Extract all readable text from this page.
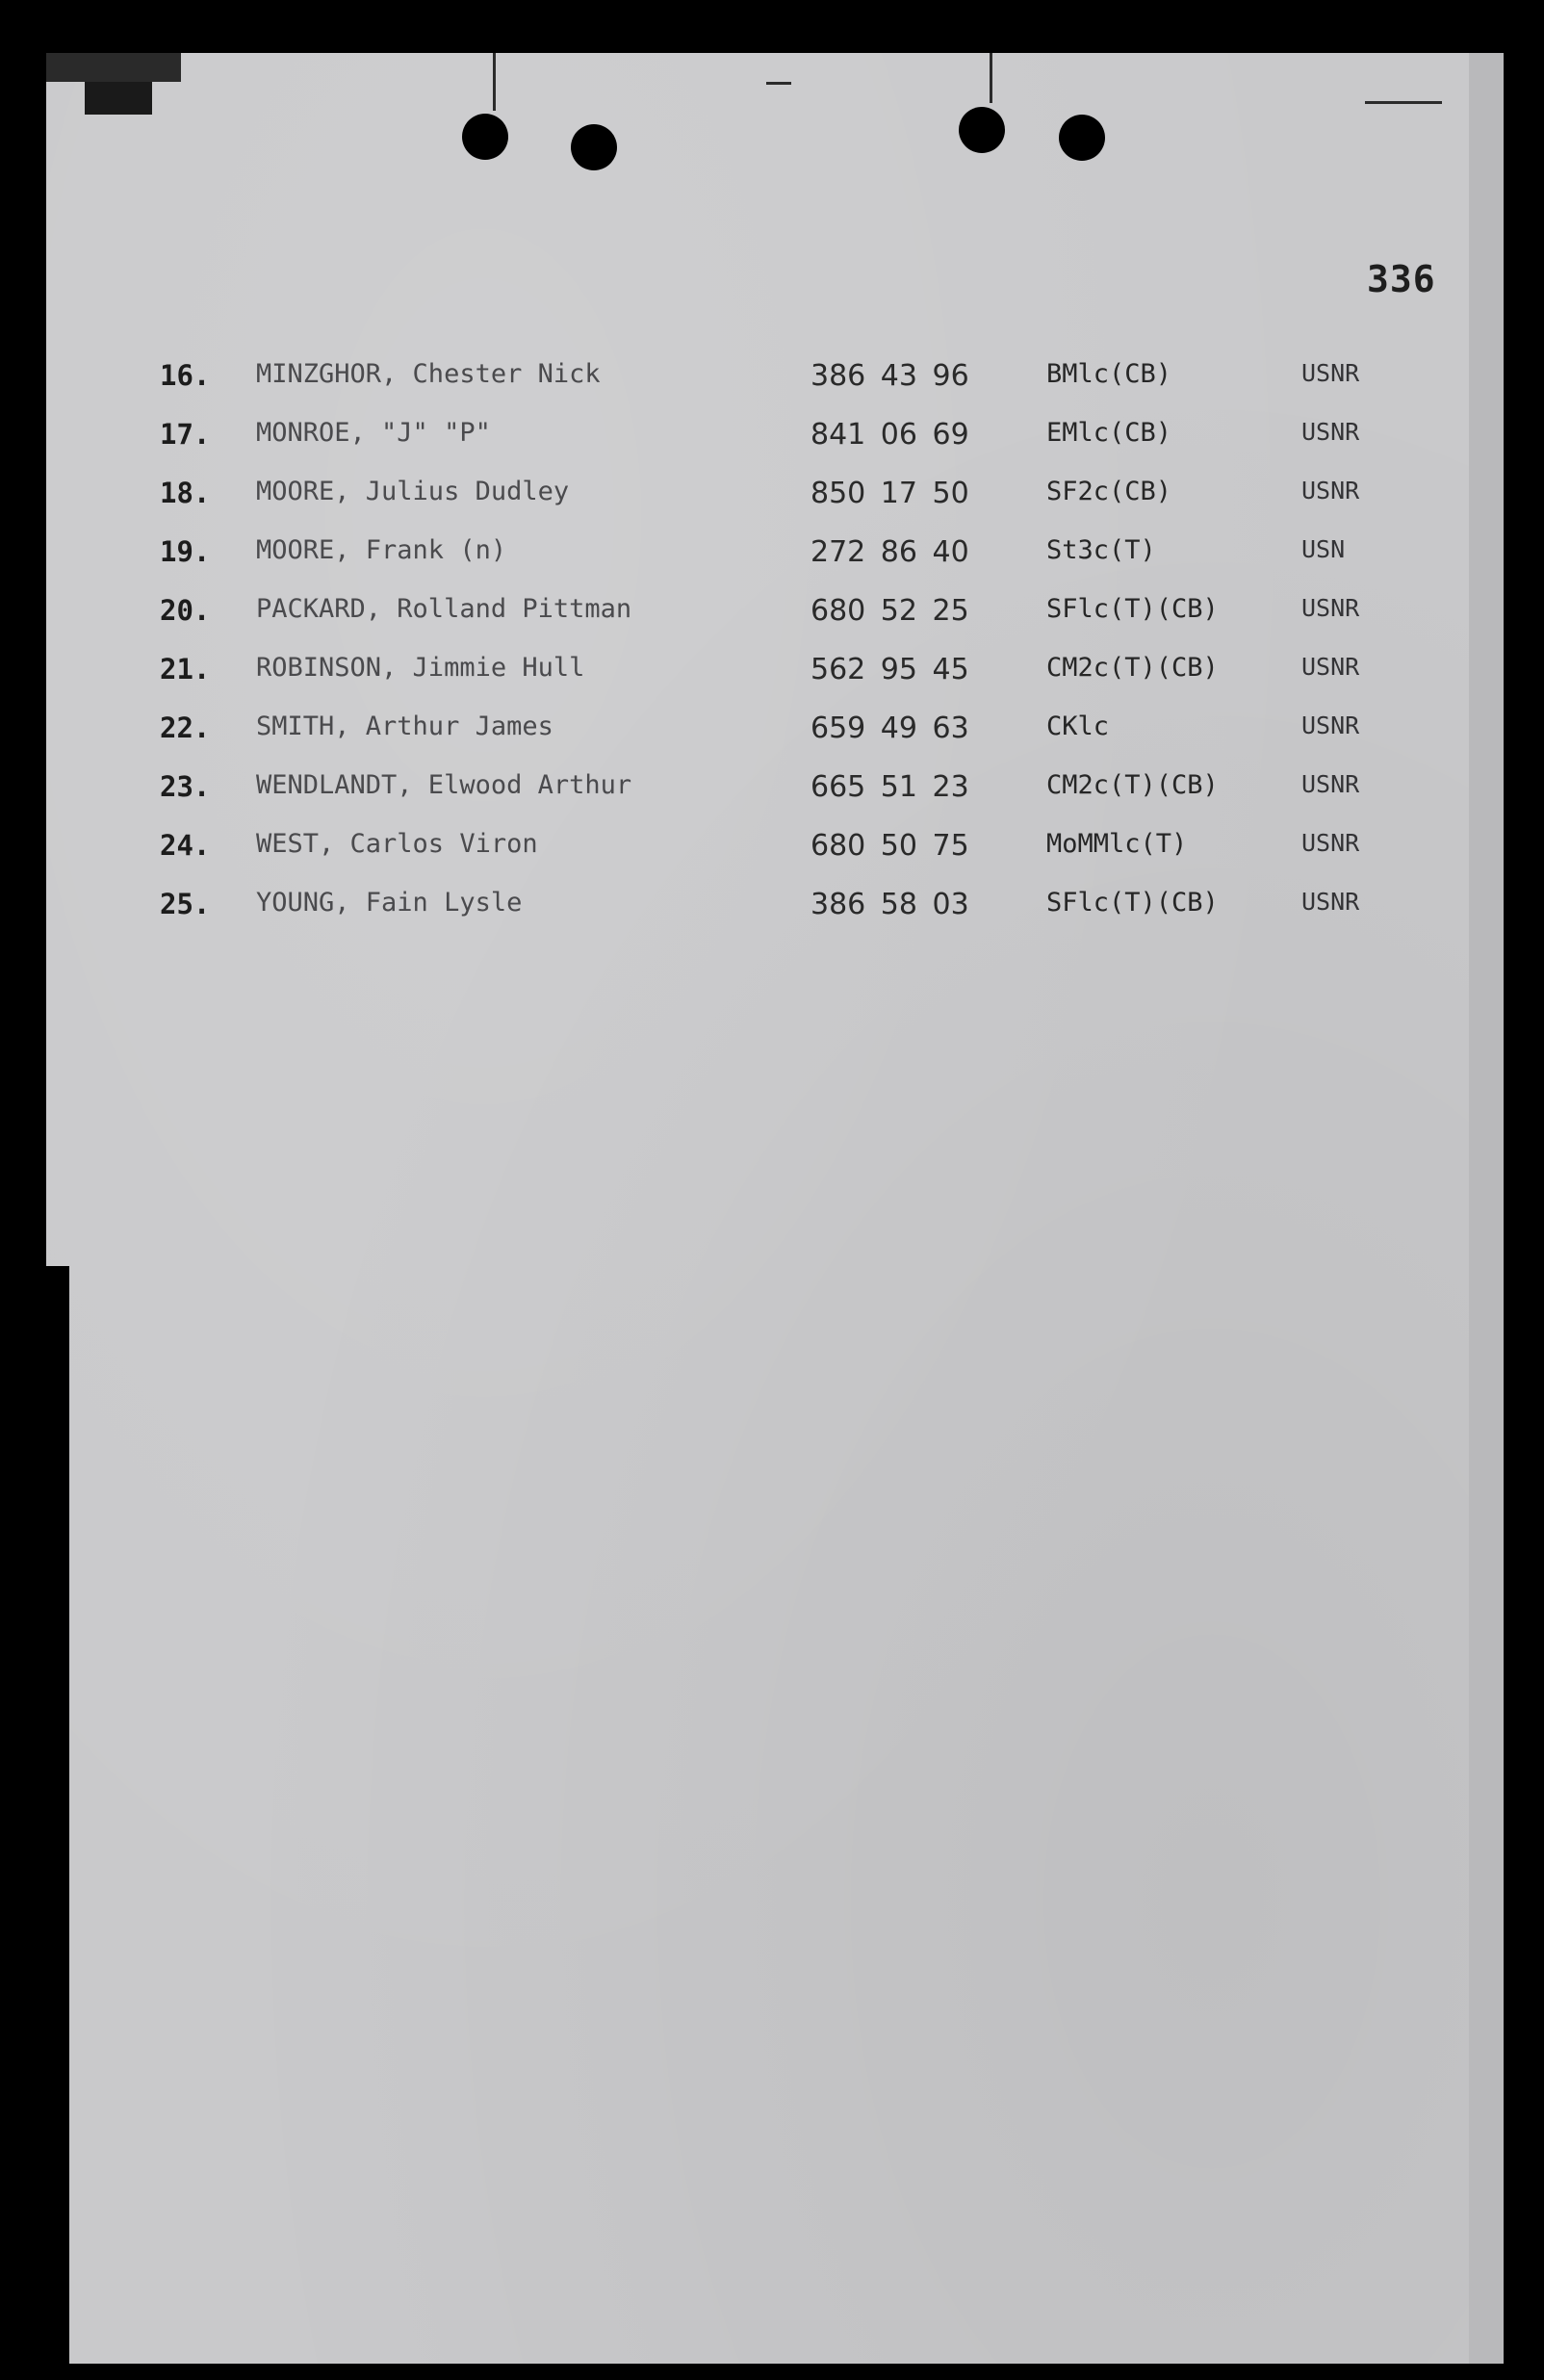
336
16. MINZGHOR, Chester Nick	386 43 96	BMlc(CB)	USNR
17. MONROE, "J" "P"	841 06 69	EMlc(CB)	USNR
18. MOORE, Julius Dudley	850 17 50	SF2c(CB)	USNR
19. MOORE, Frank (n)	272 86 40	St3c(T)	USN
20. PACKARD, Rolland Pittman	680 52 25	SFlc(T)(CB)	USNR
21. ROBINSON, Jimmie Hull	562 95 45	CM2c(T)(CB)	USNR
22. SMITH, Arthur James	659 49 63	CKlc	USNR
23. WENDLANDT, Elwood Arthur	665 51 23	CM2c(T)(CB)	USNR
24. WEST, Carlos Viron	680 50 75	MoMMlc(T)	USNR
25. YOUNG, Fain Lysle	386 58 03	SFlc(T)(CB)	USNR
